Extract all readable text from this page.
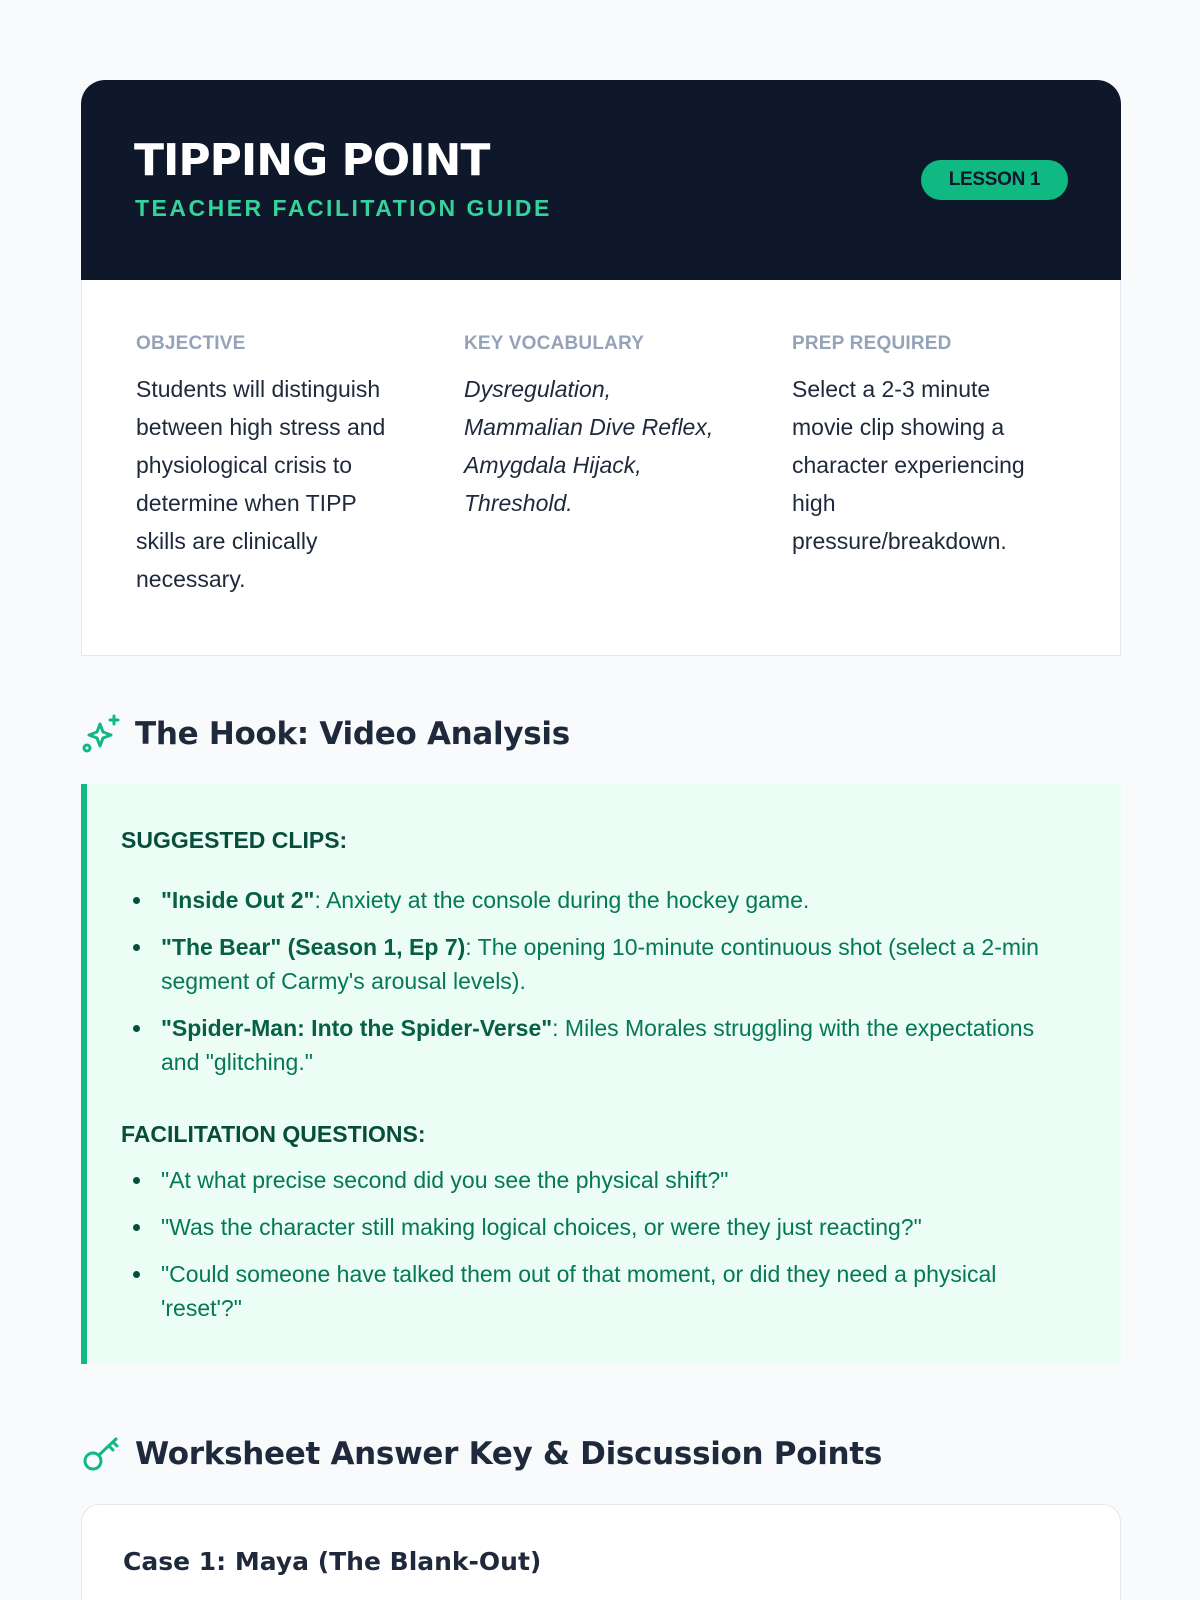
TIPPING POINT
TEACHER FACILITATION GUIDE
LESSON 1
OBJECTIVE
Students will distinguish
between high stress and
physiological crisis to
determine when TIPP
skills are clinically
necessary.
KEY VOCABULARY
Dysregulation,
Mammalian Dive Reflex,
Amygdala Hijack,
Threshold.
PREP REQUIRED
Select a 2-3 minute
movie clip showing a
character experiencing
high
pressure/breakdown.
The Hook: Video Analysis
SUGGESTED CLIPS:
"Inside Out 2": Anxiety at the console during the hockey game.
"The Bear" (Season 1, Ep 7): The opening 10-minute continuous shot (select a 2-min segment of Carmy's arousal levels).
"Spider-Man: Into the Spider-Verse": Miles Morales struggling with the expectations and "glitching."
FACILITATION QUESTIONS:
"At what precise second did you see the physical shift?"
"Was the character still making logical choices, or were they just reacting?"
"Could someone have talked them out of that moment, or did they need a physical 'reset'?"
Worksheet Answer Key & Discussion Points
Case 1: Maya (The Blank-Out)
